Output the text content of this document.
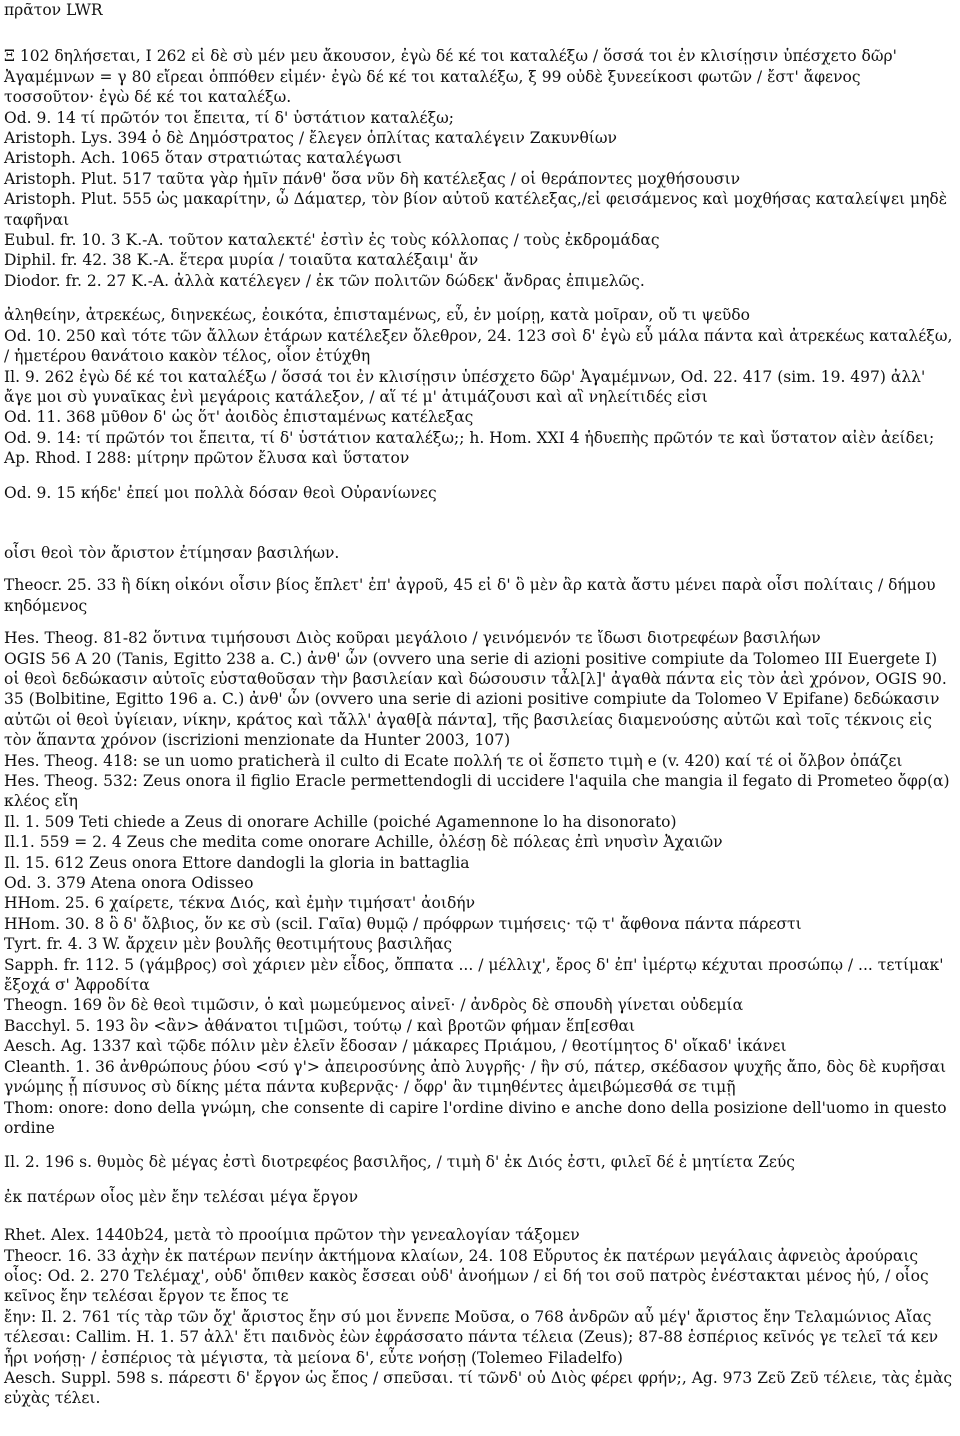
πρᾶτον LWR

Ξ 102 δηλήσεται, I 262 εἰ δὲ σὺ μέν μευ ἄκουσον, ἐγὼ δέ κέ τοι καταλέξω / ὅσσά τοι ἐν κλισίῃσιν ὑπέσχετο δῶρ' Ἀγαμέμνων = γ 80 εἴρεαι ὁππόθεν εἰμέν· ἐγὼ δέ κέ τοι καταλέξω, ξ 99 οὐδὲ ξυνεείκοσι φωτῶν / ἔστ' ἄφενος τοσσοῦτον· ἐγὼ δέ κέ τοι καταλέξω.

Od. 9. 14 τί πρῶτόν τοι ἔπειτα, τί δ' ὑστάτιον καταλέξω;

Aristoph. Lys. 394 ὁ δὲ Δημόστρατος / ἔλεγεν ὁπλίτας καταλέγειν Ζακυνθίων

Aristoph. Ach. 1065 ὅταν στρατιώτας καταλέγωσι

Aristoph. Plut. 517 ταῦτα γὰρ ἡμῖν πάνθ' ὅσα νῦν δὴ κατέλεξας / οἱ θεράποντες μοχθήσουσιν

Aristoph. Plut. 555 ὡς μακαρίτην, ὦ Δάματερ, τὸν βίον αὐτοῦ κατέλεξας,/εἰ φεισάμενος καὶ μοχθήσας καταλείψει μηδὲ ταφῆναι

Eubul. fr. 10. 3 K.-A. τοῦτον καταλεκτέ' ἐστὶν ἐς τοὺς κόλλοπας / τοὺς ἐκδρομάδας

Diphil. fr. 42. 38 K.-A. ἕτερα μυρία / τοιαῦτα καταλέξαιμ' ἄν

Diodor. fr. 2. 27 K.-A. ἀλλὰ κατέλεγεν / ἐκ τῶν πολιτῶν δώδεκ' ἄνδρας ἐπιμελῶς.

ἀληθείην, ἀτρεκέως, διηνεκέως, ἐοικότα, ἐπισταμένως, εὖ, ἐν μοίρῃ, κατὰ μοῖραν, οὔ τι ψεῦδο

Od. 10. 250 καὶ τότε τῶν ἄλλων ἑτάρων κατέλεξεν ὄλεθρον, 24. 123 σοὶ δ' ἐγὼ εὖ μάλα πάντα καὶ ἀτρεκέως καταλέξω, / ἡμετέρου θανάτοιο κακὸν τέλος, οἷον ἐτύχθη

Il. 9. 262 ἐγὼ δέ κέ τοι καταλέξω / ὅσσά τοι ἐν κλισίῃσιν ὑπέσχετο δῶρ' Ἀγαμέμνων, Od. 22. 417 (sim. 19. 497) ἀλλ' ἄγε μοι σὺ γυναῖκας ἐνὶ μεγάροις κατάλεξον, / αἵ τέ μ' ἀτιμάζουσι καὶ αἳ νηλείτιδές εἰσι

Od. 11. 368 μῦθον δ' ὡς ὅτ' ἀοιδὸς ἐπισταμένως κατέλεξας

Od. 9. 14: τί πρῶτόν τοι ἔπειτα, τί δ' ὑστάτιον καταλέξω;; h. Hom. XXI 4 ἡδυεπὴς πρῶτόν τε καὶ ὕστατον αἰὲν ἀείδει; Ap. Rhod. I 288: μίτρην πρῶτον ἔλυσα καὶ ὕστατον

Od. 9. 15 κήδε' ἐπεί μοι πολλὰ δόσαν θεοὶ Οὐρανίωνες

οἷσι θεοὶ τὸν ἄριστον ἐτίμησαν βασιλήων.

Theocr. 25. 33 ἢ δίκη οἰκόνι οἷσιν βίος ἔπλετ' ἐπ' ἀγροῦ, 45 εἰ δ' ὃ μὲν ἂρ κατὰ ἄστυ μένει παρὰ οἷσι πολίταις / δήμου κηδόμενος

Hes. Theog. 81-82 ὅντινα τιμήσουσι Διὸς κοῦραι μεγάλοιο / γεινόμενόν τε ἴδωσι διοτρεφέων βασιλήων

OGIS 56 A 20 (Tanis, Egitto 238 a. C.) ἀνθ' ὧν (ovvero una serie di azioni positive compiute da Tolomeo III Euergete I) οἱ θεοὶ δεδώκασιν αὐτοῖς εὐσταθοῦσαν τὴν βασιλείαν καὶ δώσουσιν τἆλ[λ]' ἀγαθὰ πάντα εἰς τὸν ἀεὶ χρόνον, OGIS 90. 35 (Bolbitine, Egitto 196 a. C.) ἀνθ' ὧν (ovvero una serie di azioni positive compiute da Tolomeo V Epifane) δεδώκασιν αὐτῶι οἱ θεοὶ ὑγίειαν, νίκην, κράτος καὶ τἄλλ' ἀγαθ[ὰ πάντα], τῆς βασιλείας διαμενούσης αὐτῶι καὶ τοῖς τέκνοις εἰς τὸν ἅπαντα χρόνον (iscrizioni menzionate da Hunter 2003, 107)

Hes. Theog. 418: se un uomo praticherà il culto di Ecate πολλή τε οἱ ἕσπετο τιμὴ e (v. 420) καί τέ οἱ ὄλβον ὀπάζει

Hes. Theog. 532: Zeus onora il figlio Eracle permettendogli di uccidere l'aquila che mangia il fegato di Prometeo ὄφρ(α) κλέος εἴη

Il. 1. 509 Teti chiede a Zeus di onorare Achille (poiché Agamennone lo ha disonorato)

Il.1. 559 = 2. 4 Zeus che medita come onorare Achille, ὀλέσῃ δὲ πόλεας ἐπὶ νηυσὶν Ἀχαιῶν

Il. 15. 612 Zeus onora Ettore dandogli la gloria in battaglia

Od. 3. 379 Atena onora Odisseo

HHom. 25. 6 χαίρετε, τέκνα Διός, καὶ ἐμὴν τιμήσατ' ἀοιδήν

HHom. 30. 8 ὃ δ' ὄλβιος, ὅν κε σὺ (scil. Γαῖα) θυμῷ / πρόφρων τιμήσεις· τῷ τ' ἄφθονα πάντα πάρεστι

Tyrt. fr. 4. 3 W. ἄρχειν μὲν βουλῆς θεοτιμήτους βασιλῆας

Sapph. fr. 112. 5 (γάμβρος) σοὶ χάριεν μὲν εἶδος, ὄππατα ... / μέλλιχ', ἔρος δ' ἐπ' ἰμέρτῳ κέχυται προσώπῳ / ... τετίμακ' ἔξοχά σ' Ἀφροδίτα

Theogn. 169 ὃν δὲ θεοὶ τιμῶσιν, ὁ καὶ μωμεύμενος αἰνεῖ· / ἀνδρὸς δὲ σπουδὴ γίνεται οὐδεμία

Bacchyl. 5. 193 ὃν <ἂν> ἀθάνατοι τι[μῶσι, τούτῳ / καὶ βροτῶν φήμαν ἕπ[εσθαι

Aesch. Ag. 1337 καὶ τῷδε πόλιν μὲν ἑλεῖν ἔδοσαν / μάκαρες Πριάμου, / θεοτίμητος δ' οἴκαδ' ἱκάνει

Cleanth. 1. 36 ἀνθρώπους ῥύου <σύ γ'> ἀπειροσύνης ἀπὸ λυγρῆς· / ἣν σύ, πάτερ, σκέδασον ψυχῆς ἄπο, δὸς δὲ κυρῆσαι γνώμης ᾗ πίσυνος σὺ δίκης μέτα πάντα κυβερνᾷς· / ὄφρ' ἂν τιμηθέντες ἀμειβώμεσθά σε τιμῇ

Thom: onore: dono della γνώμη, che consente di capire l'ordine divino e anche dono della posizione dell'uomo in questo ordine

Il. 2. 196 s. θυμὸς δὲ μέγας ἐστὶ διοτρεφέος βασιλῆος, / τιμὴ δ' ἐκ Διός ἐστι, φιλεῖ δέ ἑ μητίετα Ζεύς

ἐκ πατέρων οἷος μὲν ἔην τελέσαι μέγα ἔργον

Rhet. Alex. 1440b24, μετὰ τὸ προοίμια πρῶτον τὴν γενεαλογίαν τάξομεν

Theocr. 16. 33 ἀχὴν ἐκ πατέρων πενίην ἀκτήμονα κλαίων, 24. 108 Εὔρυτος ἐκ πατέρων μεγάλαις ἀφνειὸς ἀρούραις

οἷος: Od. 2. 270 Τελέμαχ', οὐδ' ὄπιθεν κακὸς ἔσσεαι οὐδ' ἀνοήμων / εἰ δή τοι σοῦ πατρὸς ἐνέστακται μένος ἠύ, / οἷος κεῖνος ἔην τελέσαι ἔργον τε ἔπος τε

ἔην: Il. 2. 761 τίς τὰρ τῶν ὄχ' ἄριστος ἔην σύ μοι ἔννεπε Μοῦσα, o 768 ἀνδρῶν αὖ μέγ' ἄριστος ἔην Τελαμώνιος Αἴας

τέλεσαι: Callim. H. 1. 57 ἀλλ' ἔτι παιδνὸς ἐὼν ἐφράσσατο πάντα τέλεια (Zeus); 87-88 ἑσπέριος κεῖνός γε τελεῖ τά κεν ἦρι νοήσῃ· / ἑσπέριος τὰ μέγιστα, τὰ μείονα δ', εὖτε νοήσῃ (Tolemeo Filadelfo)

Aesch. Suppl. 598 s. πάρεστι δ' ἔργον ὡς ἔπος / σπεῦσαι. τί τῶνδ' οὐ Διὸς φέρει φρήν;, Ag. 973 Ζεῦ Ζεῦ τέλειε, τὰς ἐμὰς εὐχὰς τέλει.
